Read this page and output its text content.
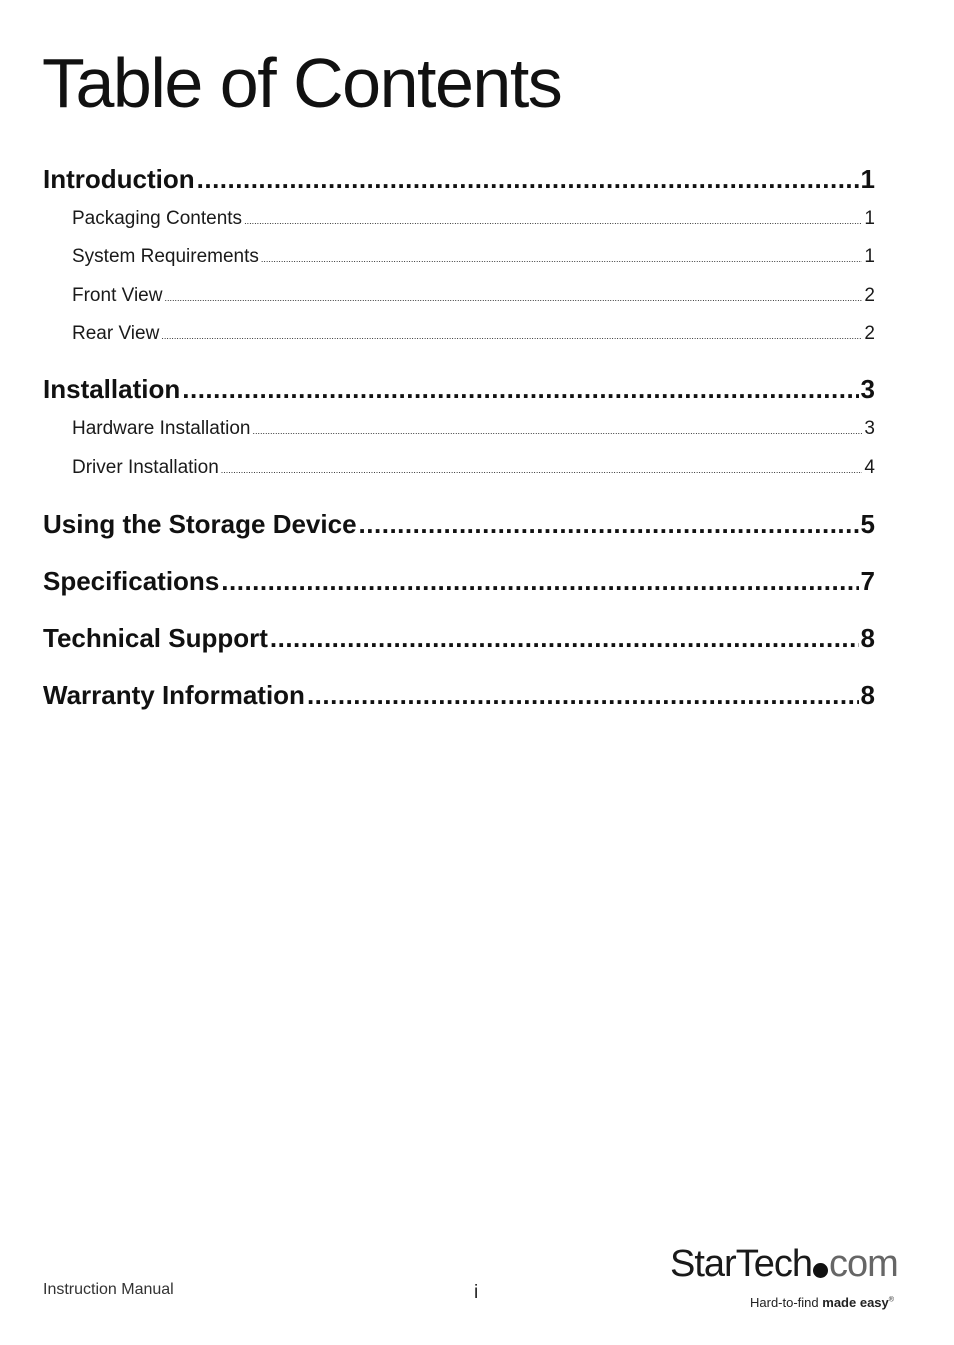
Table of Contents
Introduction .....	1
Packaging Contents .....	1
System Requirements .....	1
Front View .....	2
Rear View .....	2
Installation .....	3
Hardware Installation .....	3
Driver Installation .....	4
Using the Storage Device .....	5
Specifications .....	7
Technical Support .....	8
Warranty Information .....	8
Instruction Manual	i
StarTech com
Hard-to-find made easy®
